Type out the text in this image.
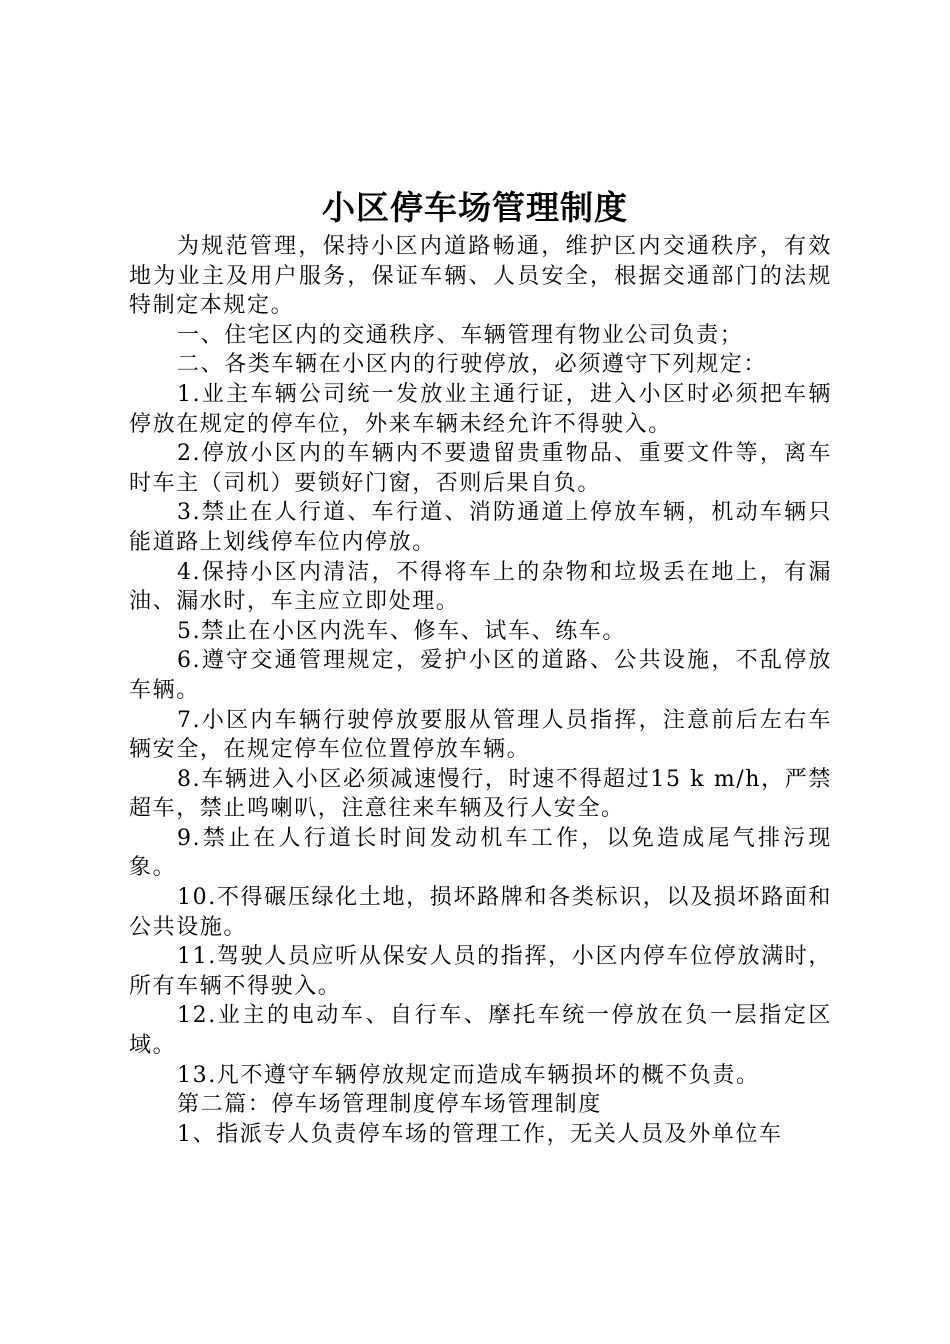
小区停车场管理制度

为规范管理，保持小区内道路畅通，维护区内交通秩序，有效地为业主及用户服务，保证车辆、人员安全，根据交通部门的法规特制定本规定。

一、住宅区内的交通秩序、车辆管理有物业公司负责；

二、各类车辆在小区内的行驶停放，必须遵守下列规定：

1.业主车辆公司统一发放业主通行证，进入小区时必须把车辆停放在规定的停车位，外来车辆未经允许不得驶入。

2.停放小区内的车辆内不要遗留贵重物品、重要文件等，离车时车主（司机）要锁好门窗，否则后果自负。

3.禁止在人行道、车行道、消防通道上停放车辆，机动车辆只能道路上划线停车位内停放。

4.保持小区内清洁，不得将车上的杂物和垃圾丢在地上，有漏油、漏水时，车主应立即处理。

5.禁止在小区内洗车、修车、试车、练车。

6.遵守交通管理规定，爱护小区的道路、公共设施，不乱停放车辆。

7.小区内车辆行驶停放要服从管理人员指挥，注意前后左右车辆安全，在规定停车位位置停放车辆。

8.车辆进入小区必须减速慢行，时速不得超过15 k m/h，严禁超车，禁止鸣喇叭，注意往来车辆及行人安全。

9.禁止在人行道长时间发动机车工作，以免造成尾气排污现象。

10.不得碾压绿化土地，损坏路牌和各类标识，以及损坏路面和公共设施。

11.驾驶人员应听从保安人员的指挥，小区内停车位停放满时，所有车辆不得驶入。

12.业主的电动车、自行车、摩托车统一停放在负一层指定区域。

13.凡不遵守车辆停放规定而造成车辆损坏的概不负责。

第二篇：停车场管理制度停车场管理制度

1、指派专人负责停车场的管理工作，无关人员及外单位车
